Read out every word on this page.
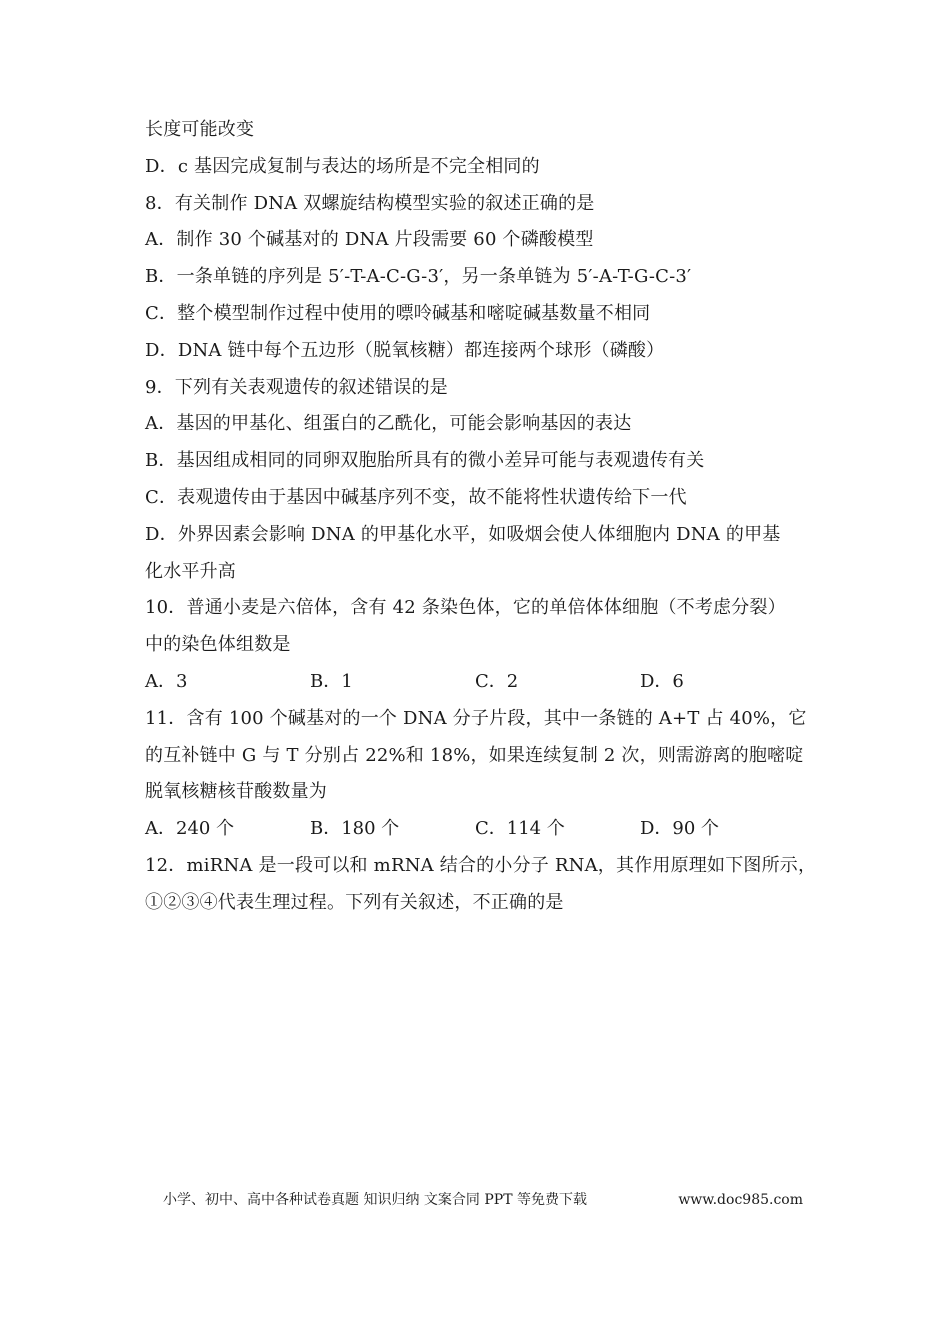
长度可能改变
D．c 基因完成复制与表达的场所是不完全相同的
8．有关制作 DNA 双螺旋结构模型实验的叙述正确的是
A．制作 30 个碱基对的 DNA 片段需要 60 个磷酸模型
B．一条单链的序列是 5′-T-A-C-G-3′，另一条单链为 5′-A-T-G-C-3′
C．整个模型制作过程中使用的嘌呤碱基和嘧啶碱基数量不相同
D．DNA 链中每个五边形（脱氧核糖）都连接两个球形（磷酸）
9．下列有关表观遗传的叙述错误的是
A．基因的甲基化、组蛋白的乙酰化，可能会影响基因的表达
B．基因组成相同的同卵双胞胎所具有的微小差异可能与表观遗传有关
C．表观遗传由于基因中碱基序列不变，故不能将性状遗传给下一代
D．外界因素会影响 DNA 的甲基化水平，如吸烟会使人体细胞内 DNA 的甲基
化水平升高
10．普通小麦是六倍体，含有 42 条染色体，它的单倍体体细胞（不考虑分裂）
中的染色体组数是
A．3	B．1	C．2	D．6
11．含有 100 个碱基对的一个 DNA 分子片段，其中一条链的 A+T 占 40%，它
的互补链中 G 与 T 分别占 22%和 18%，如果连续复制 2 次，则需游离的胞嘧啶
脱氧核糖核苷酸数量为
A．240 个	B．180 个	C．114 个	D．90 个
12．miRNA 是一段可以和 mRNA 结合的小分子 RNA，其作用原理如下图所示，
①②③④代表生理过程。下列有关叙述，不正确的是
小学、初中、高中各种试卷真题 知识归纳 文案合同 PPT 等免费下载	www.doc985.com
